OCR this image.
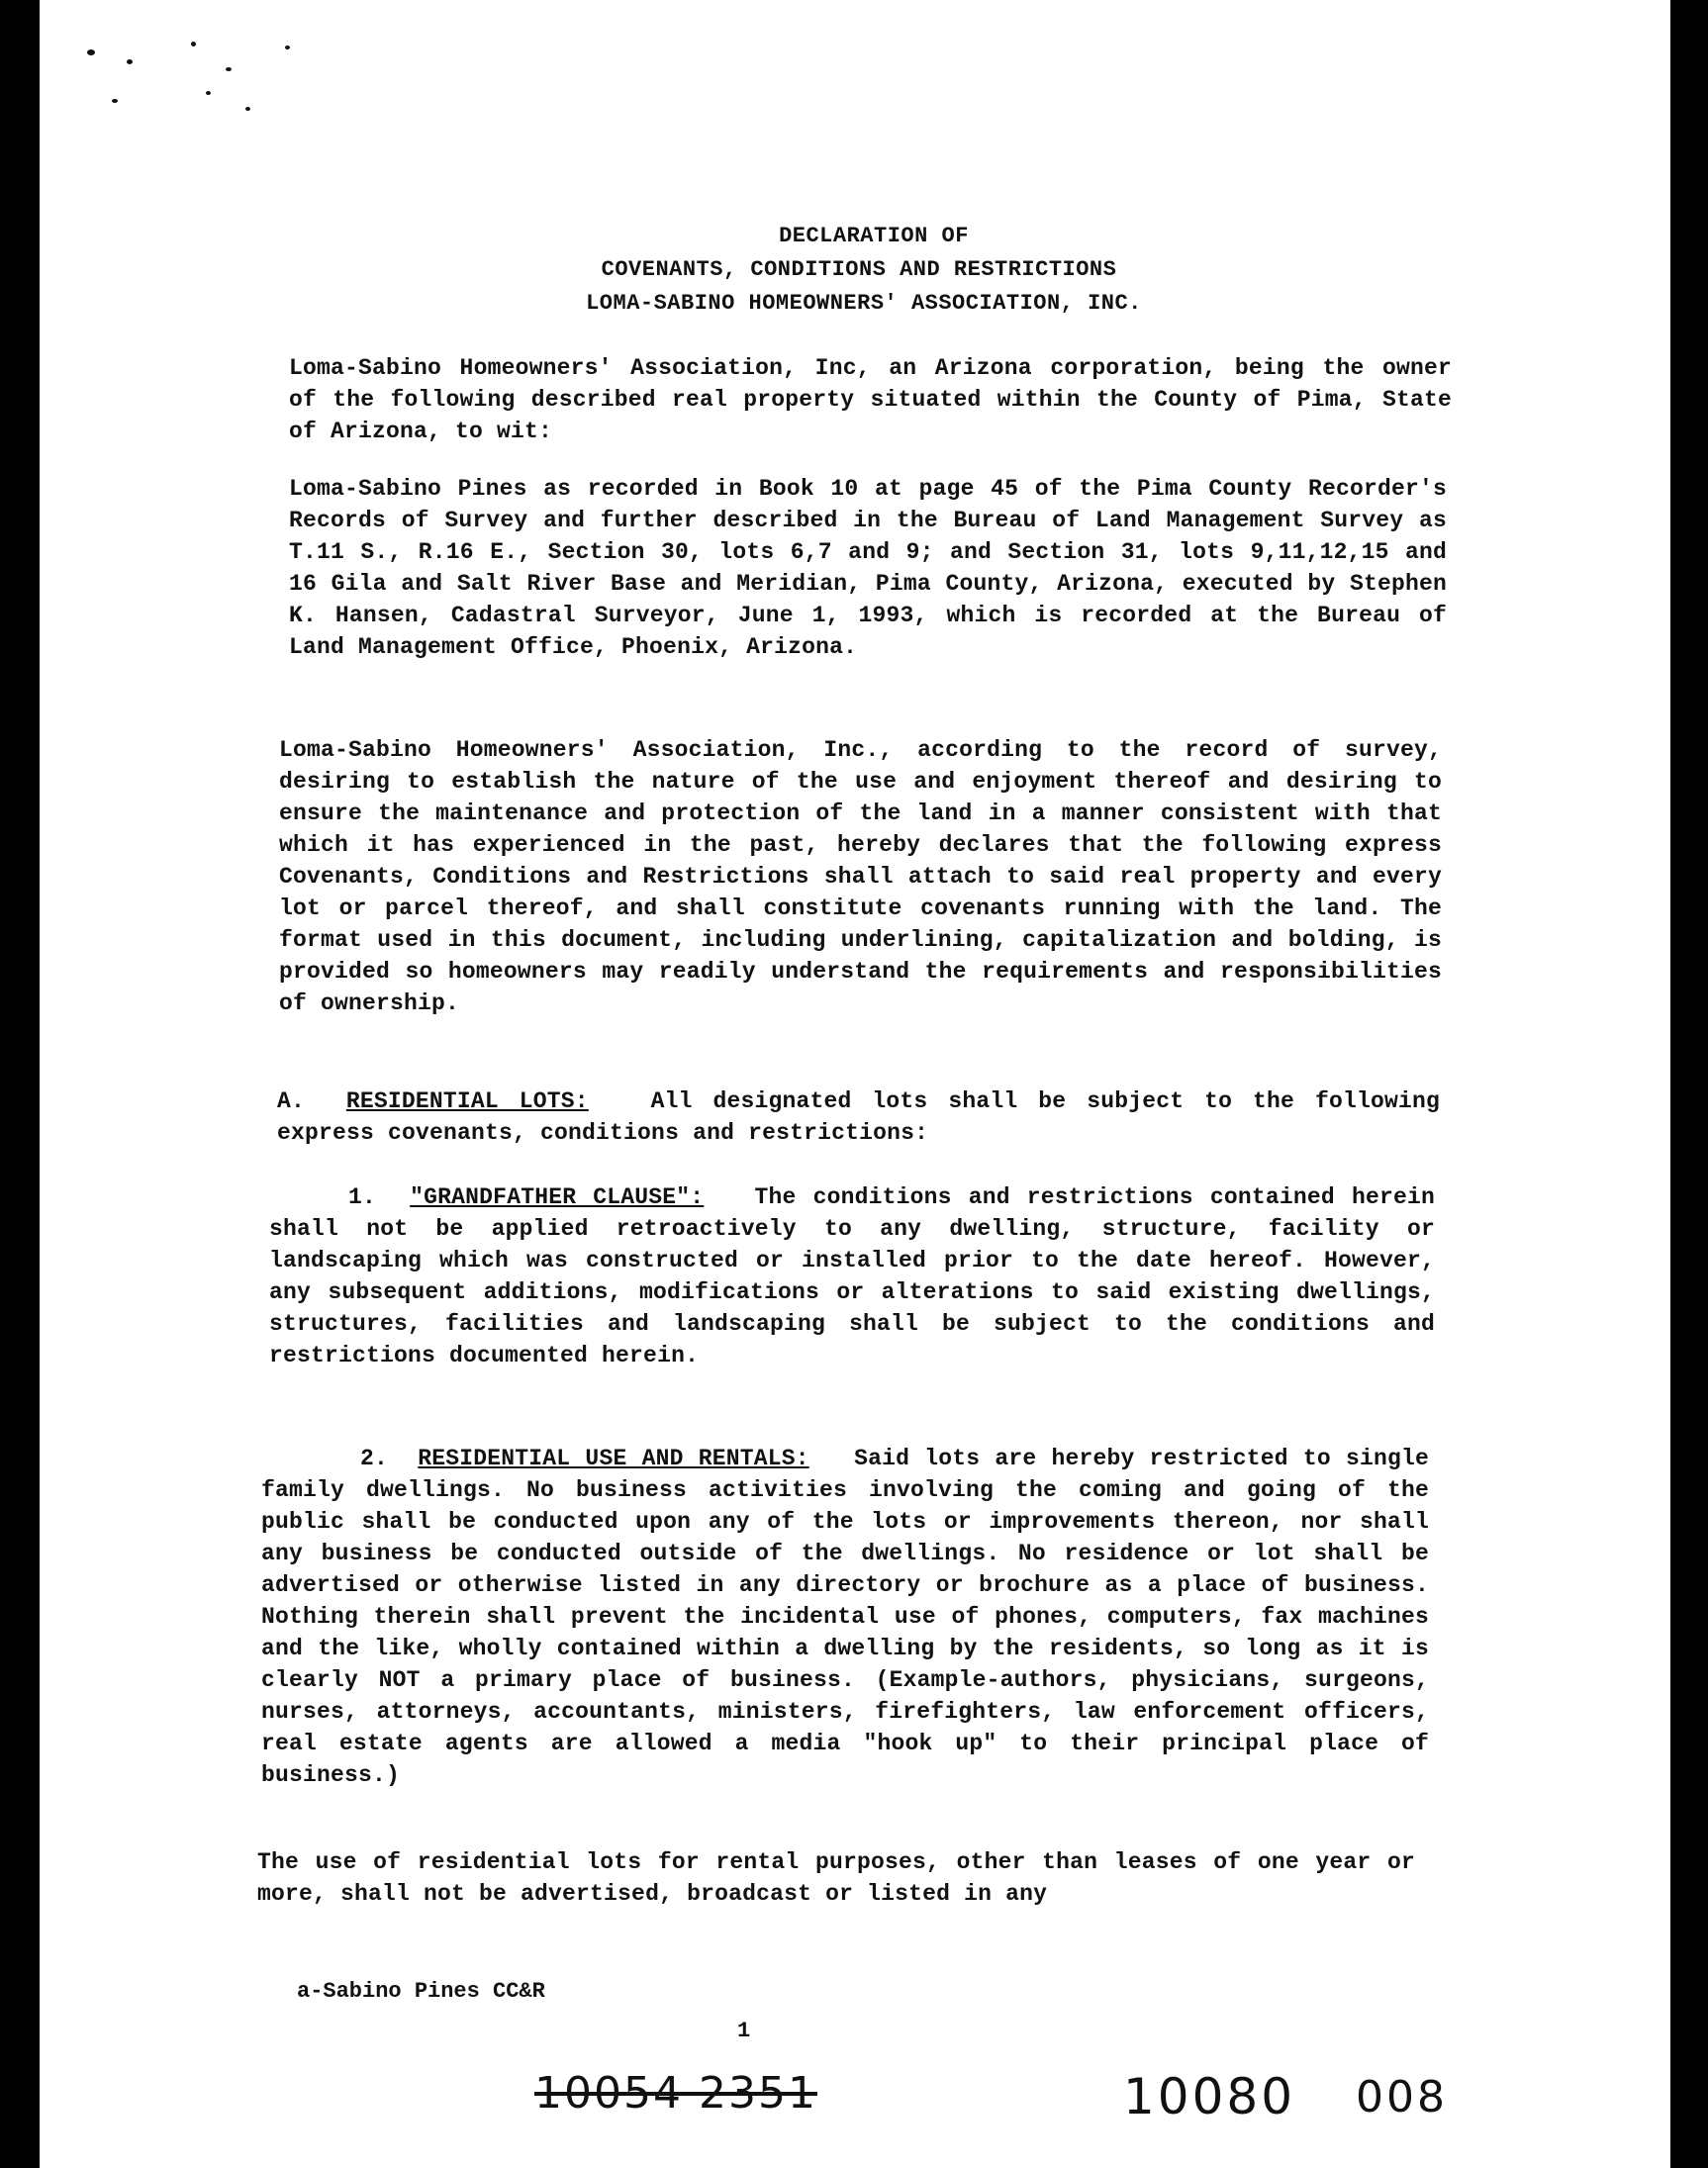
DECLARATION OF
COVENANTS, CONDITIONS AND RESTRICTIONS
LOMA-SABINO HOMEOWNERS' ASSOCIATION, INC.
Loma-Sabino Homeowners' Association, Inc, an Arizona corporation, being the owner of the following described real property situated within the County of Pima, State of Arizona, to wit:
Loma-Sabino Pines as recorded in Book 10 at page 45 of the Pima County Recorder's Records of Survey and further described in the Bureau of Land Management Survey as T.11 S., R.16 E., Section 30, lots 6,7 and 9; and Section 31, lots 9,11,12,15 and 16 Gila and Salt River Base and Meridian, Pima County, Arizona, executed by Stephen K. Hansen, Cadastral Surveyor, June 1, 1993, which is recorded at the Bureau of Land Management Office, Phoenix, Arizona.
Loma-Sabino Homeowners' Association, Inc., according to the record of survey, desiring to establish the nature of the use and enjoyment thereof and desiring to ensure the maintenance and protection of the land in a manner consistent with that which it has experienced in the past, hereby declares that the following express Covenants, Conditions and Restrictions shall attach to said real property and every lot or parcel thereof, and shall constitute covenants running with the land. The format used in this document, including underlining, capitalization and bolding, is provided so homeowners may readily understand the requirements and responsibilities of ownership.
A. RESIDENTIAL LOTS:	All designated lots shall be subject to the following express covenants, conditions and restrictions:
1. "GRANDFATHER CLAUSE": The conditions and restrictions contained herein shall not be applied retroactively to any dwelling, structure, facility or landscaping which was constructed or installed prior to the date hereof. However, any subsequent additions, modifications or alterations to said existing dwellings, structures, facilities and landscaping shall be subject to the conditions and restrictions documented herein.
2. RESIDENTIAL USE AND RENTALS: Said lots are hereby restricted to single family dwellings. No business activities involving the coming and going of the public shall be conducted upon any of the lots or improvements thereon, nor shall any business be conducted outside of the dwellings. No residence or lot shall be advertised or otherwise listed in any directory or brochure as a place of business. Nothing therein shall prevent the incidental use of phones, computers, fax machines and the like, wholly contained within a dwelling by the residents, so long as it is clearly NOT a primary place of business. (Example-authors, physicians, surgeons, nurses, attorneys, accountants, ministers, firefighters, law enforcement officers, real estate agents are allowed a media "hook up" to their principal place of business.)
The use of residential lots for rental purposes, other than leases of one year or more, shall not be advertised, broadcast or listed in any
a-Sabino Pines CC&R
1
10054 2351	10080 008
